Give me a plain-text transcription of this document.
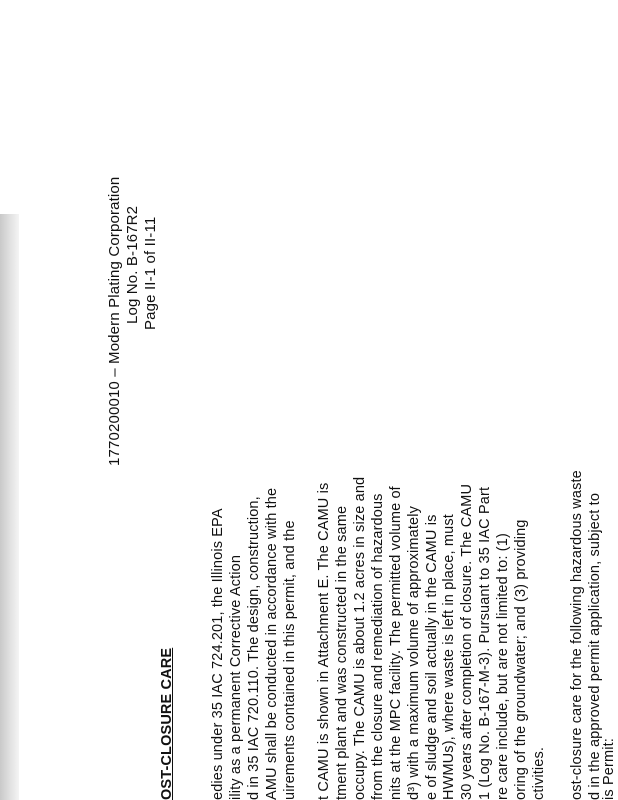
1770200010 – Modern Plating Corporation Log No. B-167R2 Page II-1 of II-11
OST-CLOSURE CARE edies under 35 IAC 724.201, the Illinois EPA ility as a permanent Corrective Action d in 35 IAC 720.110. The design, construction, AMU shall be conducted in accordance with the uirements contained in this permit, and the t CAMU is shown in Attachment E. The CAMU is tment plant and was constructed in the same occupy. The CAMU is about 1.2 acres in size and from the closure and remediation of hazardous nits at the MPC facility. The permitted volume of d³) with a maximum volume of approximately e of sludge and soil actually in the CAMU is HWMUs), where waste is left in place, must 30 years after completion of closure. The CAMU 1 (Log No. B-167-M-3). Pursuant to 35 IAC Part re care include, but are not limited to: (1) oring of the groundwater; and (3) providing ctivities. ost-closure care for the following hazardous waste d in the approved permit application, subject to
is Permit:
